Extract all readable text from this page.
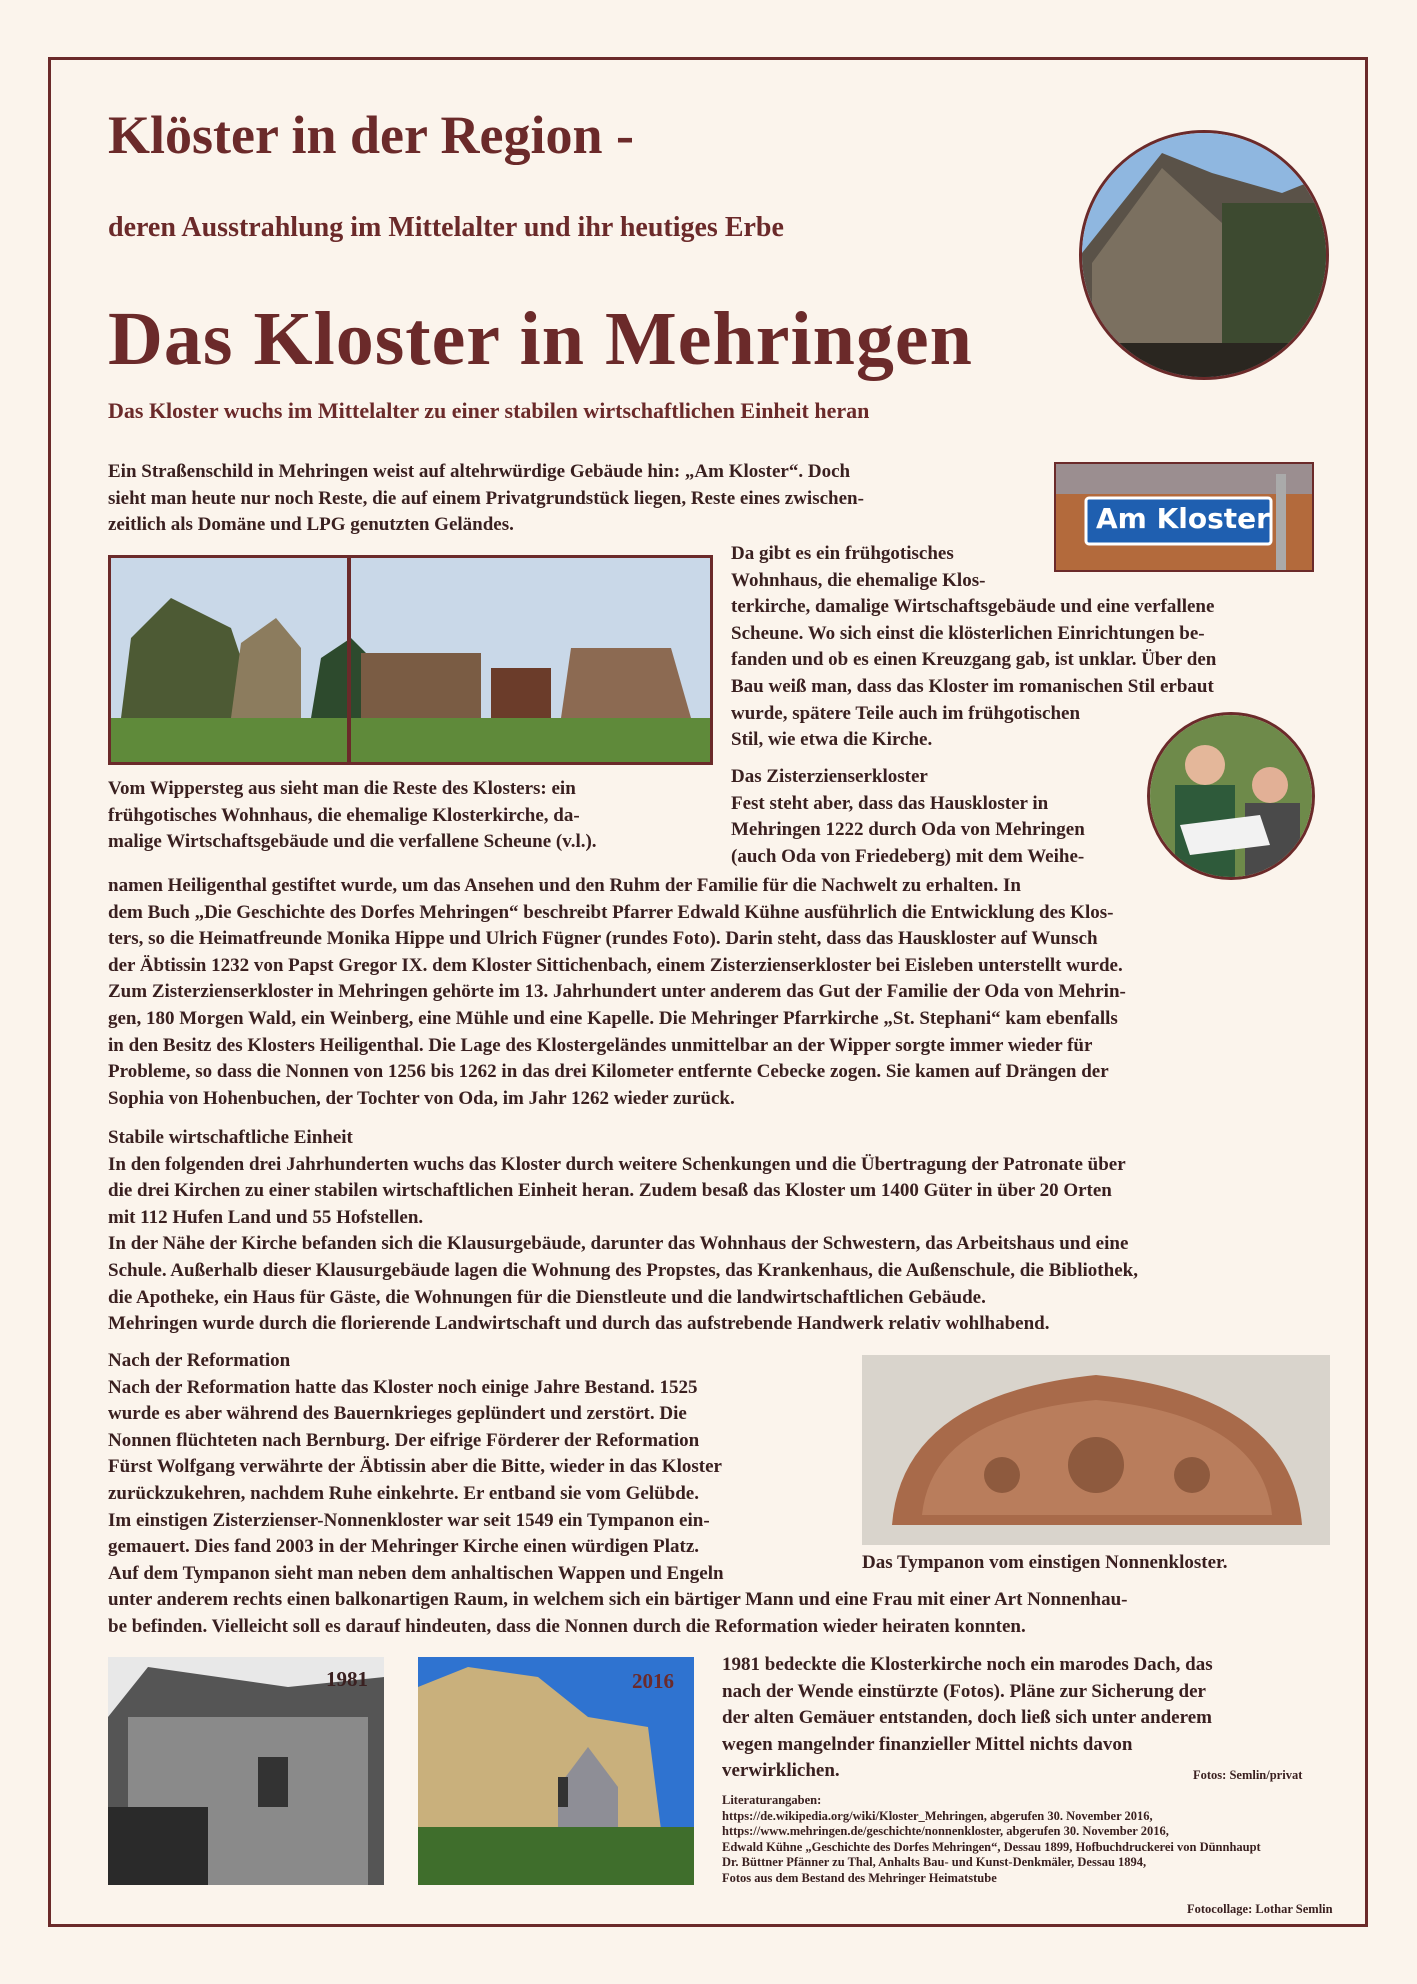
Klöster in der Region -
deren Ausstrahlung im Mittelalter und ihr heutiges Erbe
Das Kloster in Mehringen
Das Kloster wuchs im Mittelalter zu einer stabilen wirtschaftlichen Einheit heran
Am Kloster

Ein Straßenschild in Mehringen weist auf altehrwürdige Gebäude hin: „Am Kloster“. Doch

sieht man heute nur noch Reste, die auf einem Privatgrundstück liegen, Reste eines zwischen-

zeitlich als Domäne und LPG genutzten Geländes.

Da gibt es ein frühgotisches

Wohnhaus, die ehemalige Klos-

terkirche, damalige Wirtschaftsgebäude und eine verfallene

Scheune. Wo sich einst die klösterlichen Einrichtungen be-

fanden und ob es einen Kreuzgang gab, ist unklar. Über den

Bau weiß man, dass das Kloster im romanischen Stil erbaut

wurde, spätere Teile auch im frühgotischen

Stil, wie etwa die Kirche.

Vom Wippersteg aus sieht man die Reste des Klosters: ein

frühgotisches Wohnhaus, die ehemalige Klosterkirche, da-

malige Wirtschaftsgebäude und die verfallene Scheune (v.l.).

Das Zisterzienserkloster

Fest steht aber, dass das Hauskloster in

Mehringen 1222 durch Oda von Mehringen

(auch Oda von Friedeberg) mit dem Weihe-

namen Heiligenthal gestiftet wurde, um das Ansehen und den Ruhm der Familie für die Nachwelt zu erhalten. In

dem Buch „Die Geschichte des Dorfes Mehringen“ beschreibt Pfarrer Edwald Kühne ausführlich die Entwicklung des Klos-

ters, so die Heimatfreunde Monika Hippe und Ulrich Fügner (rundes Foto). Darin steht, dass das Hauskloster auf Wunsch

der Äbtissin 1232 von Papst Gregor IX. dem Kloster Sittichenbach, einem Zisterzienserkloster bei Eisleben unterstellt wurde.

Zum Zisterzienserkloster in Mehringen gehörte im 13. Jahrhundert unter anderem das Gut der Familie der Oda von Mehrin-

gen, 180 Morgen Wald, ein Weinberg, eine Mühle und eine Kapelle. Die Mehringer Pfarrkirche „St. Stephani“ kam ebenfalls

in den Besitz des Klosters Heiligenthal. Die Lage des Klostergeländes unmittelbar an der Wipper sorgte immer wieder für

Probleme, so dass die Nonnen von 1256 bis 1262 in das drei Kilometer entfernte Cebecke zogen. Sie kamen auf Drängen der

Sophia von Hohenbuchen, der Tochter von Oda, im Jahr 1262 wieder zurück.

Stabile wirtschaftliche Einheit

In den folgenden drei Jahrhunderten wuchs das Kloster durch weitere Schenkungen und die Übertragung der Patronate über

die drei Kirchen zu einer stabilen wirtschaftlichen Einheit heran. Zudem besaß das Kloster um 1400 Güter in über 20 Orten

mit 112 Hufen Land und 55 Hofstellen.

In der Nähe der Kirche befanden sich die Klausurgebäude, darunter das Wohnhaus der Schwestern, das Arbeitshaus und eine

Schule. Außerhalb dieser Klausurgebäude lagen die Wohnung des Propstes, das Krankenhaus, die Außenschule, die Bibliothek,

die Apotheke, ein Haus für Gäste, die Wohnungen für die Dienstleute und die landwirtschaftlichen Gebäude.

Mehringen wurde durch die florierende Landwirtschaft und durch das aufstrebende Handwerk relativ wohlhabend.

Das Tympanon vom einstigen Nonnenkloster.

Nach der Reformation

Nach der Reformation hatte das Kloster noch einige Jahre Bestand. 1525

wurde es aber während des Bauernkrieges geplündert und zerstört. Die

Nonnen flüchteten nach Bernburg. Der eifrige Förderer der Reformation

Fürst Wolfgang verwährte der Äbtissin aber die Bitte, wieder in das Kloster

zurückzukehren, nachdem Ruhe einkehrte. Er entband sie vom Gelübde.

Im einstigen Zisterzienser-Nonnenkloster war seit 1549 ein Tympanon ein-

gemauert. Dies fand 2003 in der Mehringer Kirche einen würdigen Platz.

Auf dem Tympanon sieht man neben dem anhaltischen Wappen und Engeln

unter anderem rechts einen balkonartigen Raum, in welchem sich ein bärtiger Mann und eine Frau mit einer Art Nonnenhau-

be befinden. Vielleicht soll es darauf hindeuten, dass die Nonnen durch die Reformation wieder heiraten konnten.

1981	2016

1981 bedeckte die Klosterkirche noch ein marodes Dach, das

nach der Wende einstürzte (Fotos). Pläne zur Sicherung der

der alten Gemäuer entstanden, doch ließ sich unter anderem

wegen mangelnder finanzieller Mittel nichts davon

verwirklichen.	Fotos: Semlin/privat
Literaturangaben:
https://de.wikipedia.org/wiki/Kloster_Mehringen, abgerufen 30. November 2016,
https://www.mehringen.de/geschichte/nonnenkloster, abgerufen 30. November 2016,
Edwald Kühne „Geschichte des Dorfes Mehringen“, Dessau 1899, Hofbuchdruckerei von Dünnhaupt
Dr. Büttner Pfänner zu Thal, Anhalts Bau- und Kunst-Denkmäler, Dessau 1894,
Fotos aus dem Bestand des Mehringer Heimatstube
Fotocollage: Lothar Semlin
